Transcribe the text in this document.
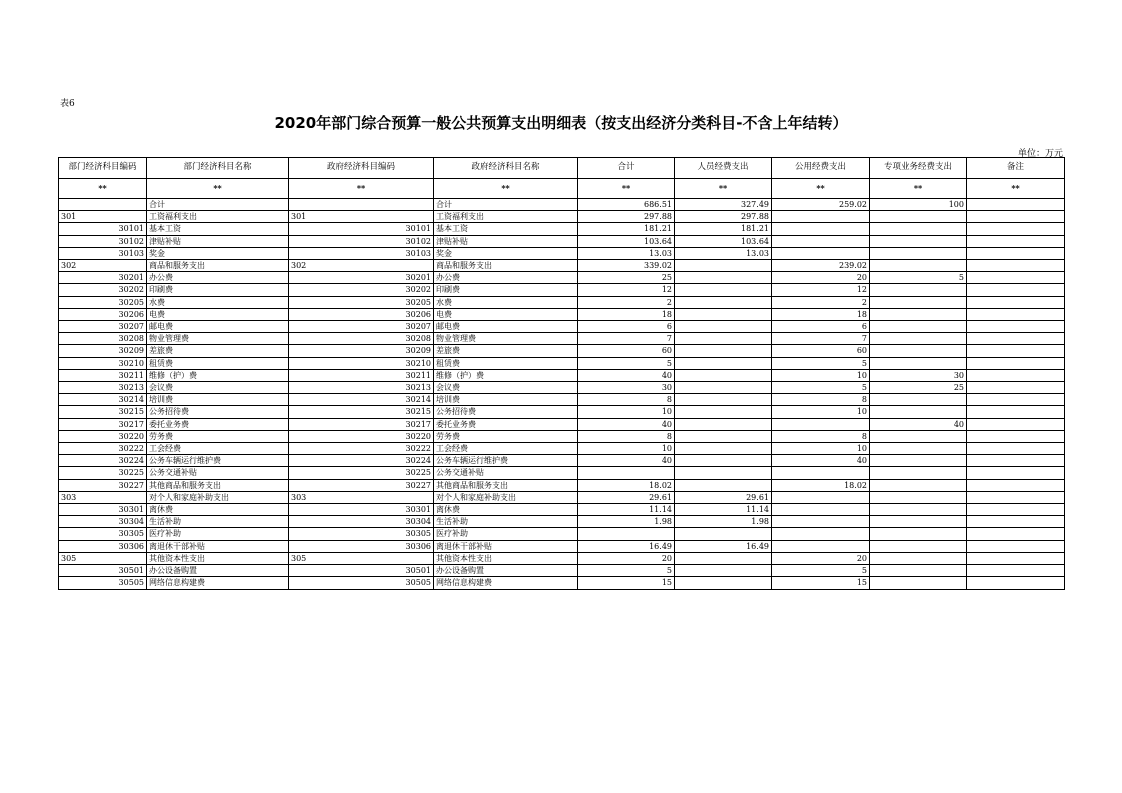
表6
2020年部门综合预算一般公共预算支出明细表（按支出经济分类科目-不含上年结转）
单位：万元
部门经济科目编码	部门经济科目名称	政府经济科目编码	政府经济科目名称	合计	人员经费支出	公用经费支出	专项业务经费支出	备注
**	**	**	**	**	**	**	**	**
	合计		合计	686.51	327.49	259.02	100	
301	工资福利支出	301	工资福利支出	297.88	297.88			
30101	基本工资	30101	基本工资	181.21	181.21			
30102	津贴补贴	30102	津贴补贴	103.64	103.64			
30103	奖金	30103	奖金	13.03	13.03			
302	商品和服务支出	302	商品和服务支出	339.02		239.02		
30201	办公费	30201	办公费	25		20	5	
30202	印刷费	30202	印刷费	12		12		
30205	水费	30205	水费	2		2		
30206	电费	30206	电费	18		18		
30207	邮电费	30207	邮电费	6		6		
30208	物业管理费	30208	物业管理费	7		7		
30209	差旅费	30209	差旅费	60		60		
30210	租赁费	30210	租赁费	5		5		
30211	维修（护）费	30211	维修（护）费	40		10	30	
30213	会议费	30213	会议费	30		5	25	
30214	培训费	30214	培训费	8		8		
30215	公务招待费	30215	公务招待费	10		10		
30217	委托业务费	30217	委托业务费	40			40	
30220	劳务费	30220	劳务费	8		8		
30222	工会经费	30222	工会经费	10		10		
30224	公务车辆运行维护费	30224	公务车辆运行维护费	40		40		
30225	公务交通补贴	30225	公务交通补贴					
30227	其他商品和服务支出	30227	其他商品和服务支出	18.02		18.02		
303	对个人和家庭补助支出	303	对个人和家庭补助支出	29.61	29.61			
30301	离休费	30301	离休费	11.14	11.14			
30304	生活补助	30304	生活补助	1.98	1.98			
30305	医疗补助	30305	医疗补助					
30306	离退休干部补贴	30306	离退休干部补贴	16.49	16.49			
305	其他资本性支出	305	其他资本性支出	20		20		
30501	办公设备购置	30501	办公设备购置	5		5		
30505	网络信息构建费	30505	网络信息构建费	15		15		
